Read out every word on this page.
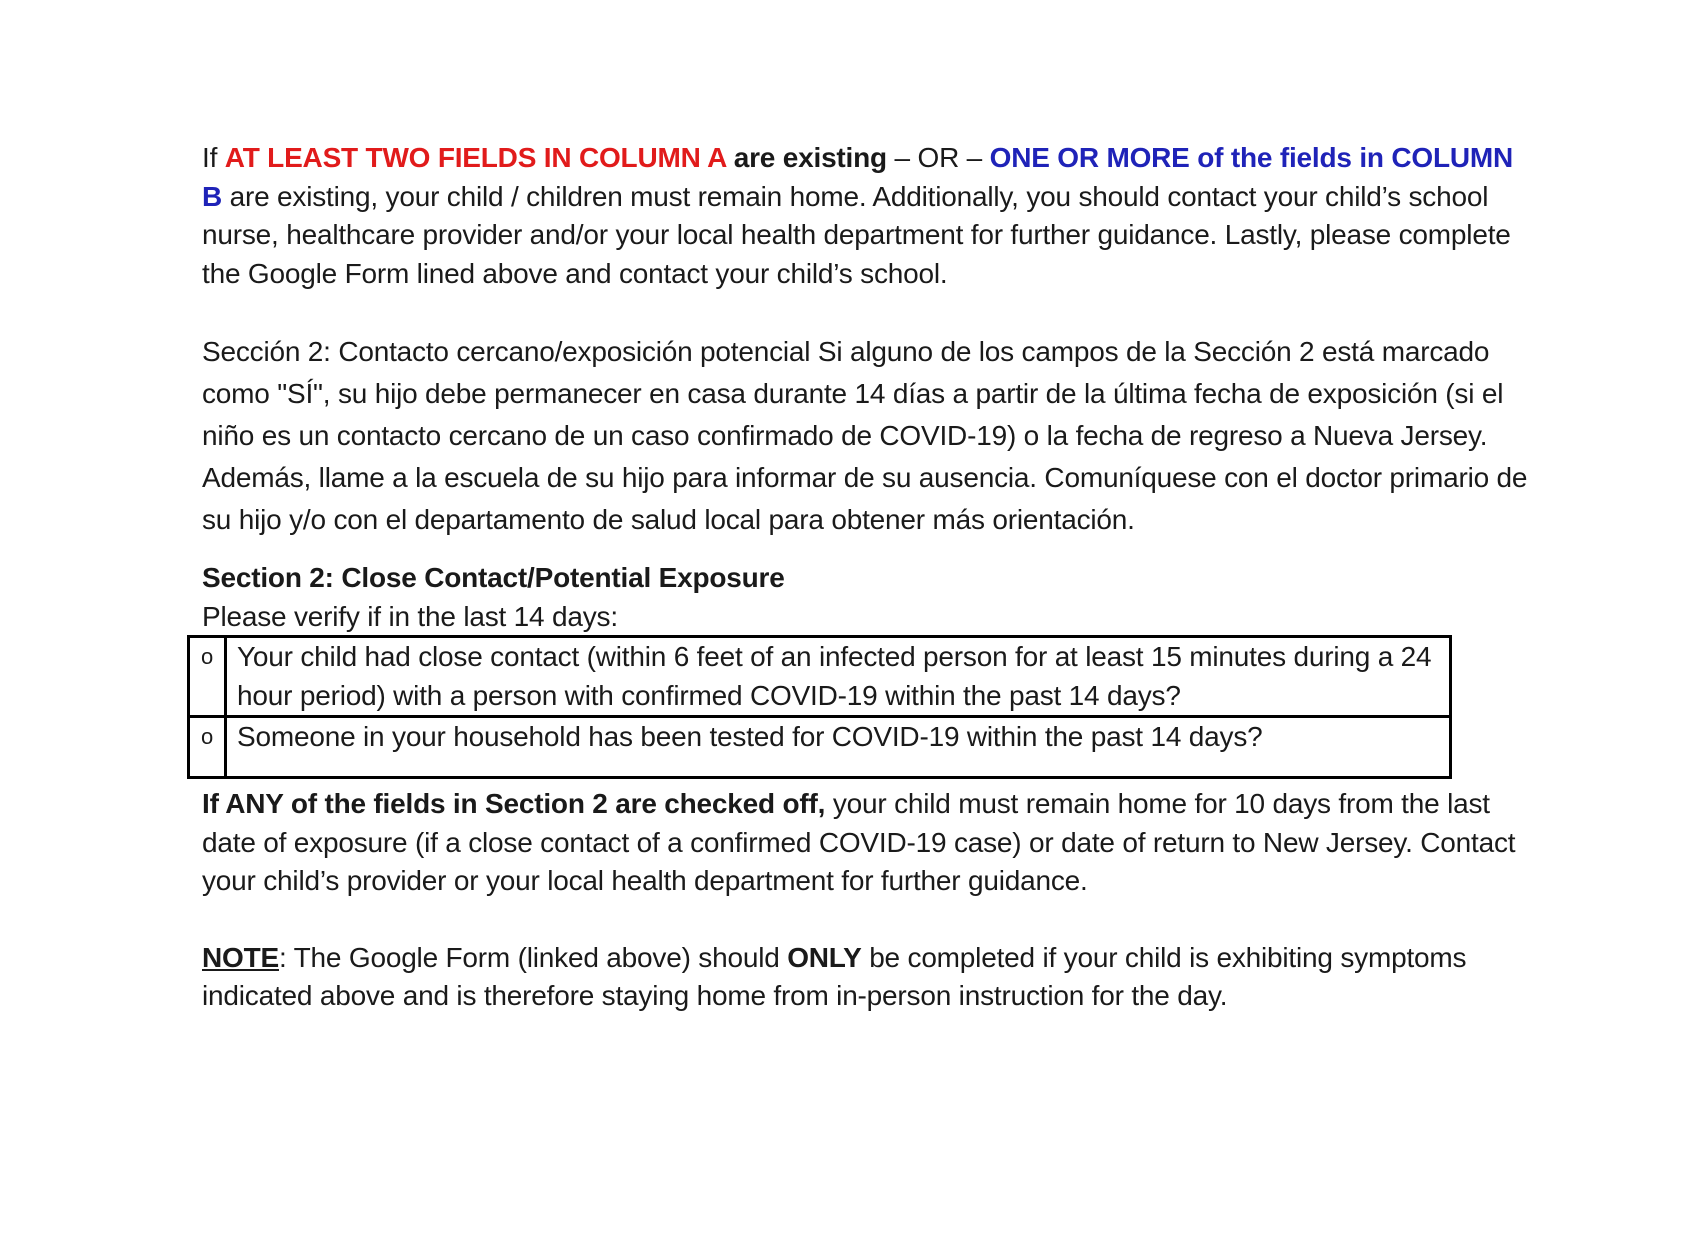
If AT LEAST TWO FIELDS IN COLUMN A are existing – OR – ONE OR MORE of the fields in COLUMN B are existing, your child / children must remain home. Additionally, you should contact your child’s school nurse, healthcare provider and/or your local health department for further guidance. Lastly, please complete the Google Form lined above and contact your child’s school.

Sección 2: Contacto cercano/exposición potencial Si alguno de los campos de la Sección 2 está marcado como "SÍ", su hijo debe permanecer en casa durante 14 días a partir de la última fecha de exposición (si el niño es un contacto cercano de un caso confirmado de COVID-19) o la fecha de regreso a Nueva Jersey. Además, llame a la escuela de su hijo para informar de su ausencia. Comuníquese con el doctor primario de su hijo y/o con el departamento de salud local para obtener más orientación.

Section 2: Close Contact/Potential Exposure

Please verify if in the last 14 days:

o	Your child had close contact (within 6 feet of an infected person for at least 15 minutes during a 24 hour period) with a person with confirmed COVID-19 within the past 14 days?
o	Someone in your household has been tested for COVID-19 within the past 14 days?

If ANY of the fields in Section 2 are checked off, your child must remain home for 10 days from the last date of exposure (if a close contact of a confirmed COVID-19 case) or date of return to New Jersey. Contact your child’s provider or your local health department for further guidance.

NOTE: The Google Form (linked above) should ONLY be completed if your child is exhibiting symptoms indicated above and is therefore staying home from in-person instruction for the day.
